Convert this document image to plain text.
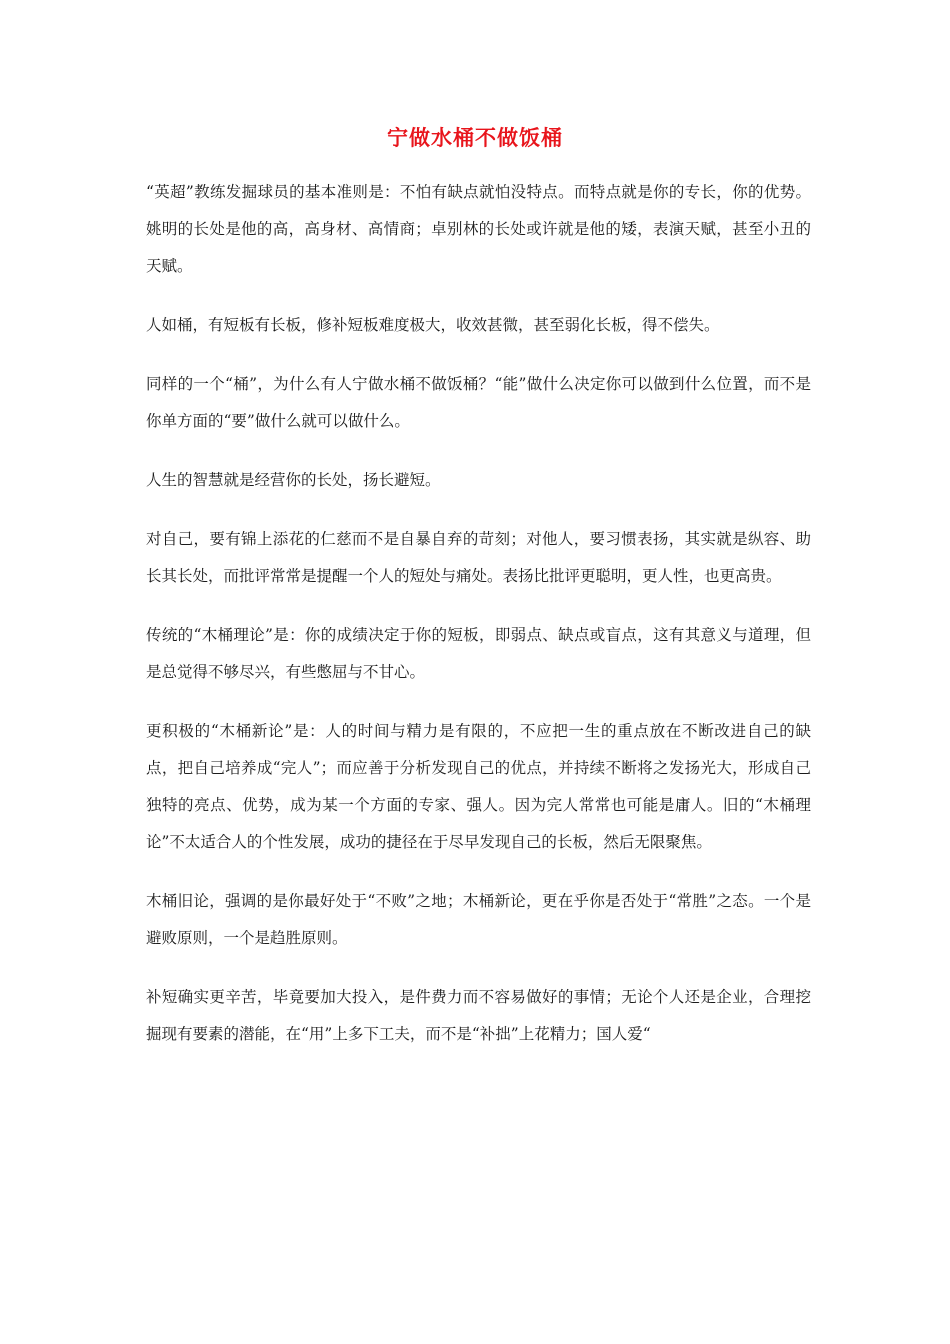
宁做水桶不做饭桶

“英超”教练发掘球员的基本准则是：不怕有缺点就怕没特点。而特点就是你的专长，你的优势。姚明的长处是他的高，高身材、高情商；卓别林的长处或许就是他的矮，表演天赋，甚至小丑的天赋。

人如桶，有短板有长板，修补短板难度极大，收效甚微，甚至弱化长板，得不偿失。

同样的一个“桶”，为什么有人宁做水桶不做饭桶？“能”做什么决定你可以做到什么位置，而不是你单方面的“要”做什么就可以做什么。

人生的智慧就是经营你的长处，扬长避短。

对自己，要有锦上添花的仁慈而不是自暴自弃的苛刻；对他人，要习惯表扬，其实就是纵容、助长其长处，而批评常常是提醒一个人的短处与痛处。表扬比批评更聪明，更人性，也更高贵。

传统的“木桶理论”是：你的成绩决定于你的短板，即弱点、缺点或盲点，这有其意义与道理，但是总觉得不够尽兴，有些憋屈与不甘心。

更积极的“木桶新论”是：人的时间与精力是有限的，不应把一生的重点放在不断改进自己的缺点，把自己培养成“完人”；而应善于分析发现自己的优点，并持续不断将之发扬光大，形成自己独特的亮点、优势，成为某一个方面的专家、强人。因为完人常常也可能是庸人。旧的“木桶理论”不太适合人的个性发展，成功的捷径在于尽早发现自己的长板，然后无限聚焦。

木桶旧论，强调的是你最好处于“不败”之地；木桶新论，更在乎你是否处于“常胜”之态。一个是避败原则，一个是趋胜原则。

补短确实更辛苦，毕竟要加大投入，是件费力而不容易做好的事情；无论个人还是企业，合理挖掘现有要素的潜能，在“用”上多下工夫，而不是“补拙”上花精力；国人爱“
